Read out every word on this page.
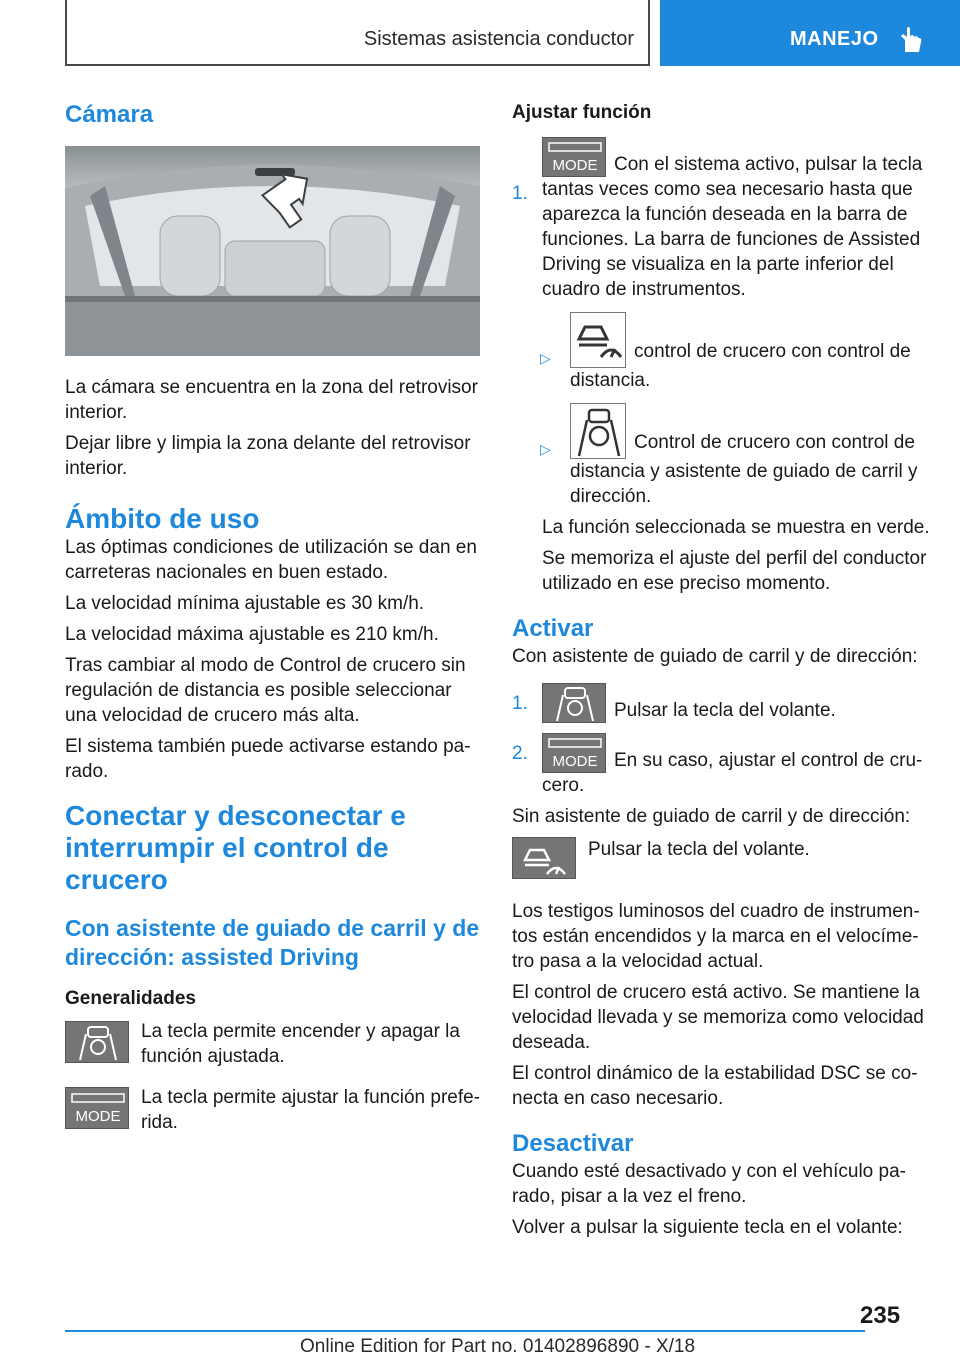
Sistemas asistencia conductor	MANEJO
Cámara

La cámara se encuentra en la zona del retrovisor interior.

Dejar libre y limpia la zona delante del retrovisor interior.

Ámbito de uso

Las óptimas condiciones de utilización se dan en carreteras nacionales en buen estado.

La velocidad mínima ajustable es 30 km/h.

La velocidad máxima ajustable es 210 km/h.

Tras cambiar al modo de Control de crucero sin regulación de distancia es posible seleccionar una velocidad de crucero más alta.

El sistema también puede activarse estando pa‐rado.

Conectar y desconectar e interrumpir el control de crucero
Con asistente de guiado de carril y de dirección: assisted Driving
Generalidades
La tecla permite encender y apagar la función ajustada.
MODE
La tecla permite ajustar la función prefe‐rida.
Ajustar función
1.
MODE Con el sistema activo, pulsar la tecla tantas veces como sea necesario hasta que aparezca la función deseada en la barra de funciones. La barra de funciones de Assisted Driving se visualiza en la parte inferior del cuadro de instrumentos.
▷	control de crucero con control de distancia.
▷	Control de crucero con control de distancia y asistente de guiado de carril y dirección.

La función seleccionada se muestra en verde.

Se memoriza el ajuste del perfil del conductor utilizado en ese preciso momento.

Activar

Con asistente de guiado de carril y de dirección:

1.	Pulsar la tecla del volante.
2. MODE En su caso, ajustar el control de cru‐cero.

Sin asistente de guiado de carril y de dirección:

Pulsar la tecla del volante.

Los testigos luminosos del cuadro de instrumen‐tos están encendidos y la marca en el velocíme‐tro pasa a la velocidad actual.

El control de crucero está activo. Se mantiene la velocidad llevada y se memoriza como velocidad deseada.

El control dinámico de la estabilidad DSC se co‐necta en caso necesario.

Desactivar

Cuando esté desactivado y con el vehículo pa‐rado, pisar a la vez el freno.

Volver a pulsar la siguiente tecla en el volante:

235
Online Edition for Part no. 01402896890 - X/18
